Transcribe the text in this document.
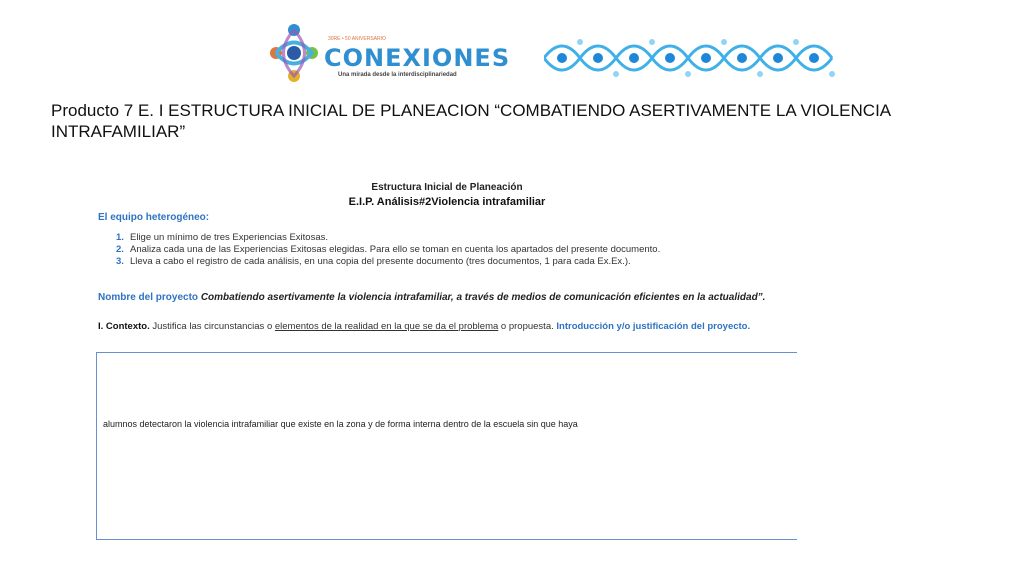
30RE • 50 ANIVERSARIO
CONEXIONES
Una mirada desde la interdisciplinariedad
Producto 7 E. I ESTRUCTURA INICIAL DE PLANEACION “COMBATIENDO ASERTIVAMENTE LA VIOLENCIA INTRAFAMILIAR”
Estructura Inicial de Planeación
E.I.P. Análisis#2Violencia intrafamiliar
El equipo heterogéneo:
1. Elige un mínimo de tres Experiencias Exitosas.
2. Analiza cada una de las Experiencias Exitosas elegidas. Para ello se toman en cuenta los apartados del presente documento.
3. Lleva a cabo el registro de cada análisis, en una copia del presente documento (tres documentos, 1 para cada Ex.Ex.).
Nombre del proyecto Combatiendo asertivamente la violencia intrafamiliar, a través de medios de comunicación eficientes en la actualidad”.
I. Contexto. Justifica las circunstancias o elementos de la realidad en la que se da el problema o propuesta. Introducción y/o justificación del proyecto.
alumnos detectaron la violencia intrafamiliar que existe en la zona y de forma interna dentro de la escuela sin que haya
